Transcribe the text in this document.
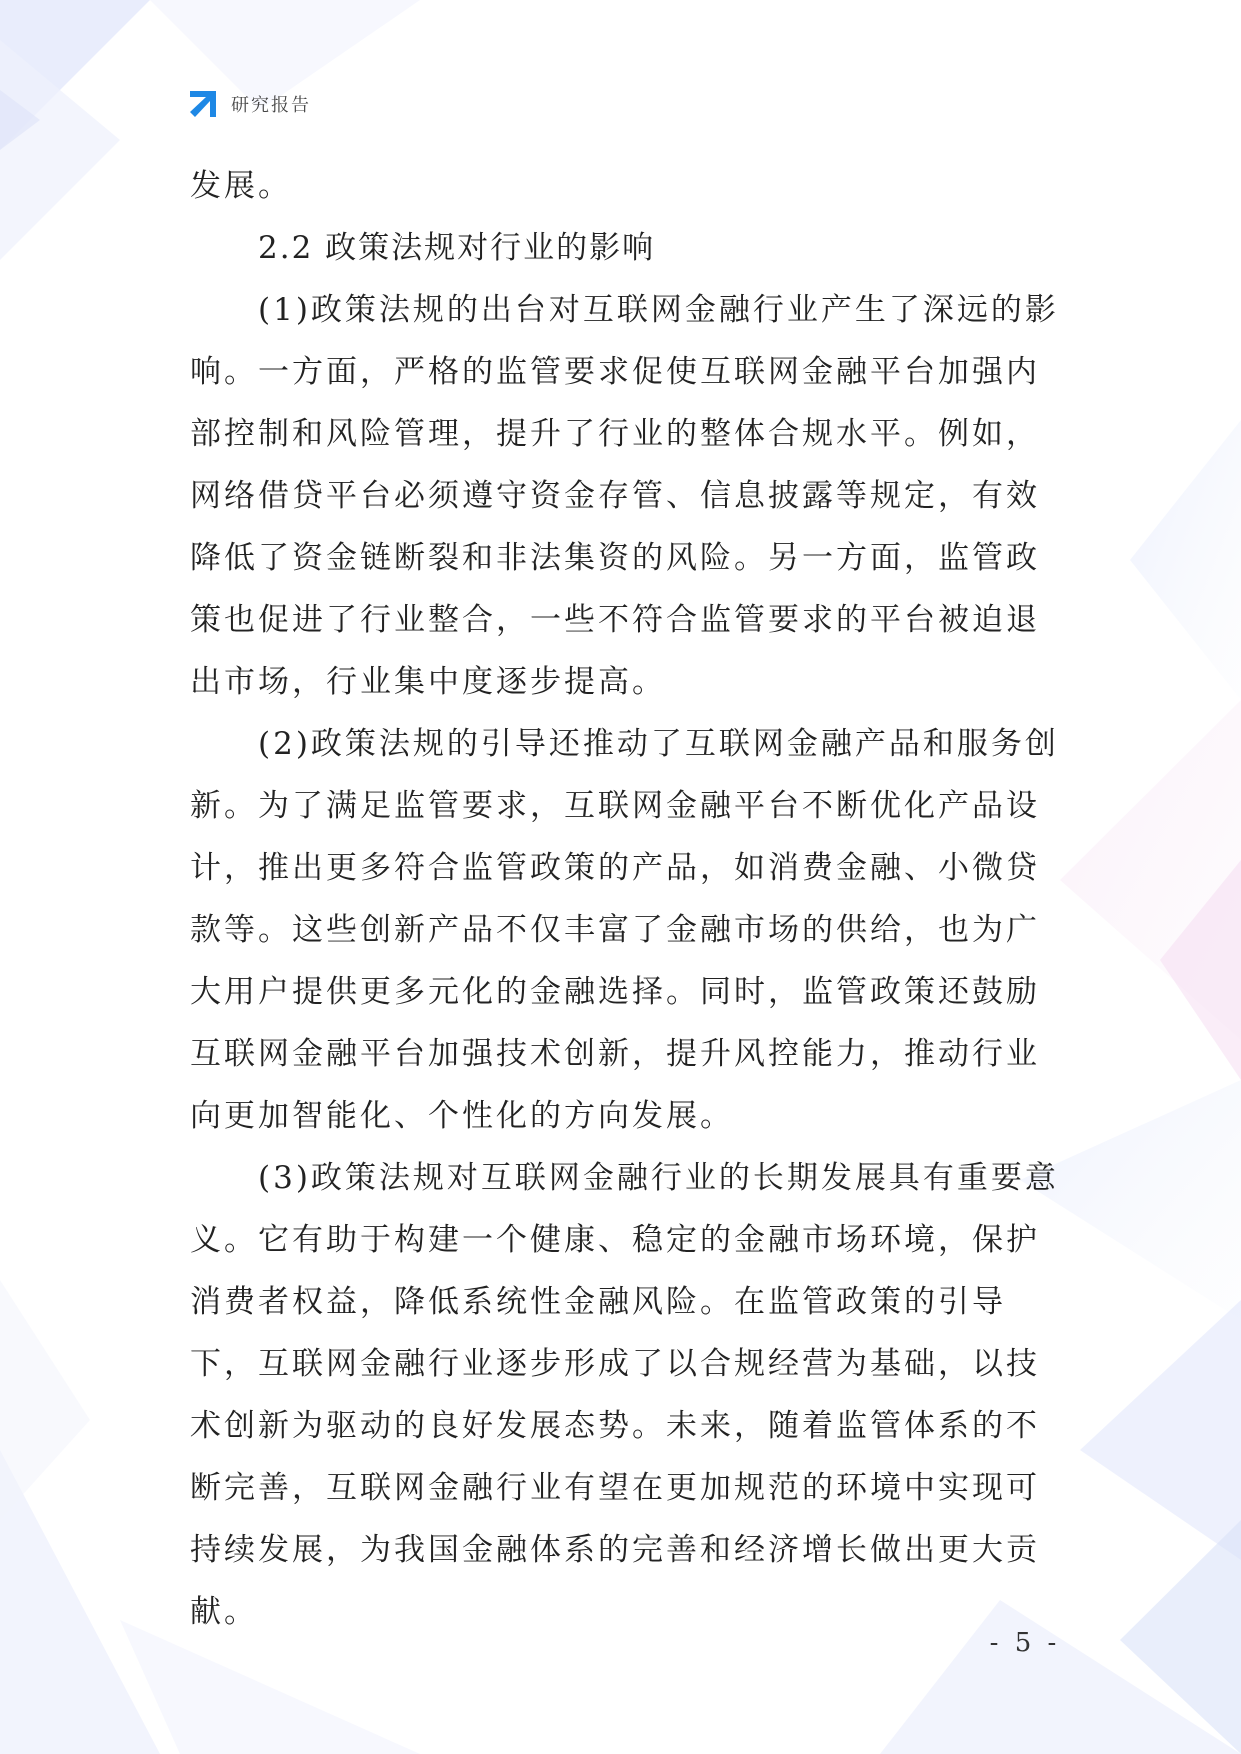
研究报告

发展。

2.2 政策法规对行业的影响

(1)政策法规的出台对互联网金融行业产生了深远的影响。一方面，严格的监管要求促使互联网金融平台加强内部控制和风险管理，提升了行业的整体合规水平。例如，网络借贷平台必须遵守资金存管、信息披露等规定，有效降低了资金链断裂和非法集资的风险。另一方面，监管政策也促进了行业整合，一些不符合监管要求的平台被迫退出市场，行业集中度逐步提高。

(2)政策法规的引导还推动了互联网金融产品和服务创新。为了满足监管要求，互联网金融平台不断优化产品设计，推出更多符合监管政策的产品，如消费金融、小微贷款等。这些创新产品不仅丰富了金融市场的供给，也为广大用户提供更多元化的金融选择。同时，监管政策还鼓励互联网金融平台加强技术创新，提升风控能力，推动行业向更加智能化、个性化的方向发展。

(3)政策法规对互联网金融行业的长期发展具有重要意义。它有助于构建一个健康、稳定的金融市场环境，保护消费者权益，降低系统性金融风险。在监管政策的引导下，互联网金融行业逐步形成了以合规经营为基础，以技术创新为驱动的良好发展态势。未来，随着监管体系的不断完善，互联网金融行业有望在更加规范的环境中实现可持续发展，为我国金融体系的完善和经济增长做出更大贡献。

- 5 -
